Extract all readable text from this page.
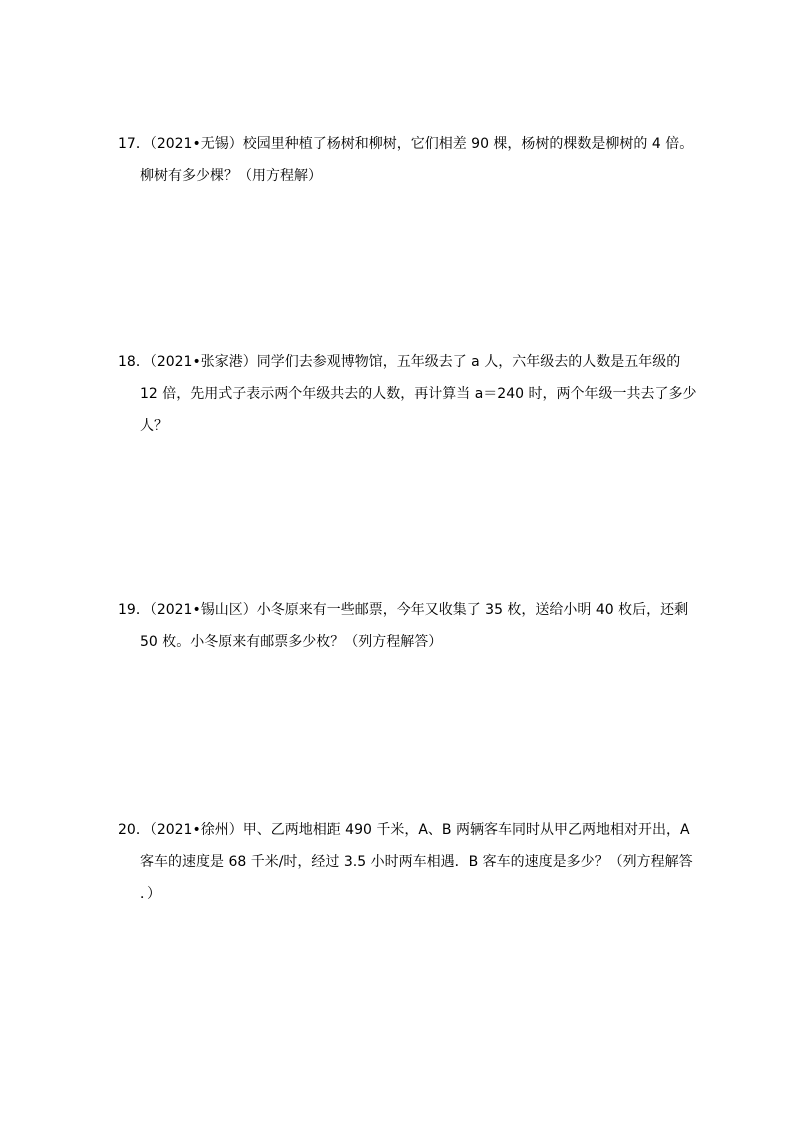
17．（2021•无锡）校园里种植了杨树和柳树，它们相差 90 棵，杨树的棵数是柳树的 4 倍。
柳树有多少棵？（用方程解）
18．（2021•张家港）同学们去参观博物馆，五年级去了 a 人，六年级去的人数是五年级的
12 倍，先用式子表示两个年级共去的人数，再计算当 a＝240 时，两个年级一共去了多少
人？
19．（2021•锡山区）小冬原来有一些邮票，今年又收集了 35 枚，送给小明 40 枚后，还剩
50 枚。小冬原来有邮票多少枚？（列方程解答）
20．（2021•徐州）甲、乙两地相距 490 千米，A、B 两辆客车同时从甲乙两地相对开出，A
客车的速度是 68 千米/时，经过 3.5 小时两车相遇．B 客车的速度是多少？（列方程解答
．）
